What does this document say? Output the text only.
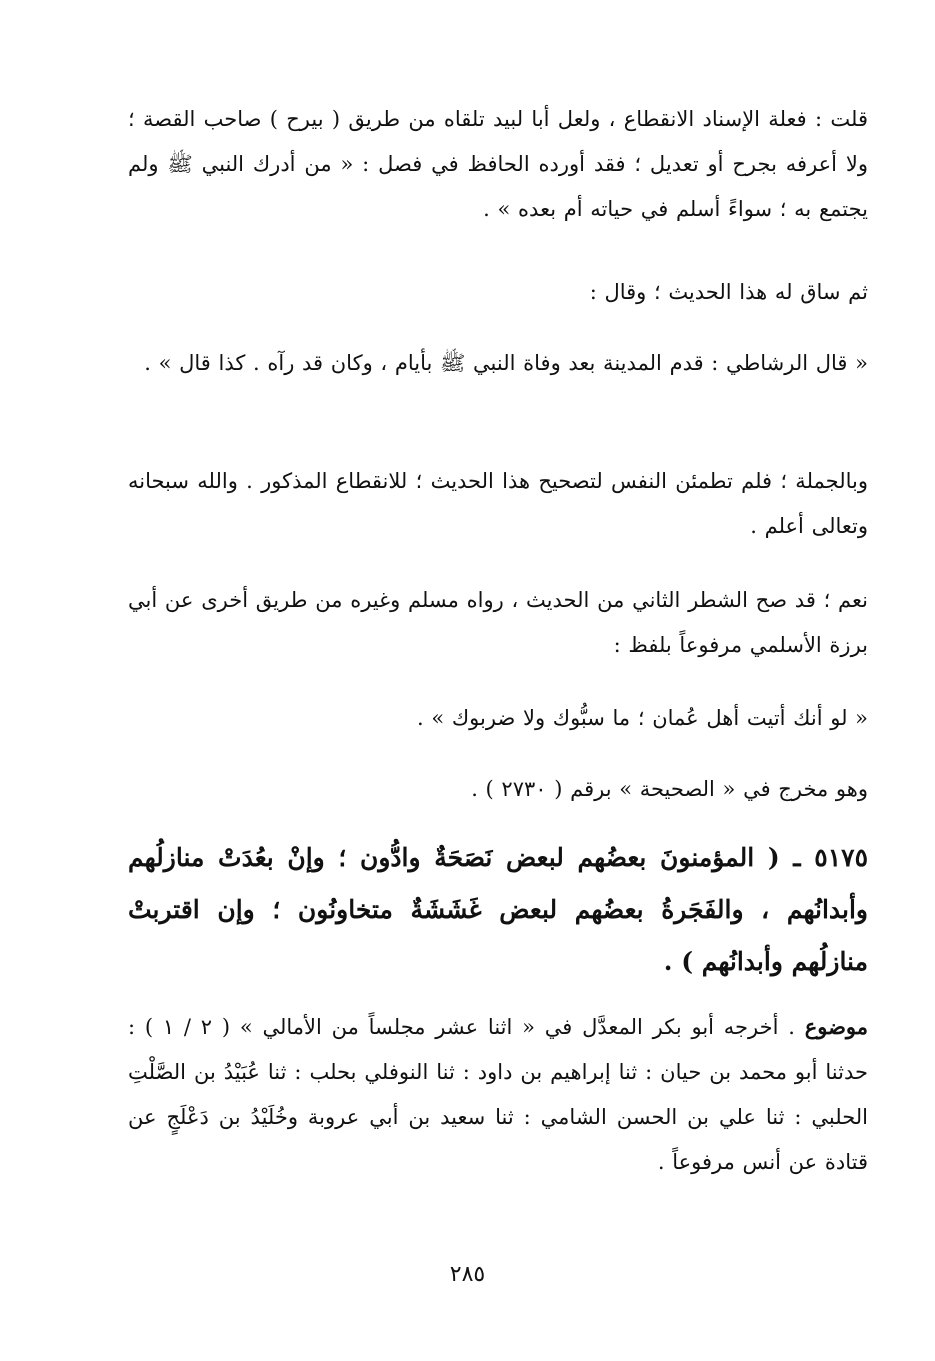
قلت : فعلة الإسناد الانقطاع ، ولعل أبا لبيد تلقاه من طريق ( بيرح ) صاحب القصة ؛ ولا أعرفه بجرح أو تعديل ؛ فقد أورده الحافظ في فصل : « من أدرك النبي ﷺ ولم يجتمع به ؛ سواءً أسلم في حياته أم بعده » .

ثم ساق له هذا الحديث ؛ وقال :

« قال الرشاطي : قدم المدينة بعد وفاة النبي ﷺ بأيام ، وكان قد رآه . كذا قال » .

وبالجملة ؛ فلم تطمئن النفس لتصحيح هذا الحديث ؛ للانقطاع المذكور . والله سبحانه وتعالى أعلم .

نعم ؛ قد صح الشطر الثاني من الحديث ، رواه مسلم وغيره من طريق أخرى عن أبي برزة الأسلمي مرفوعاً بلفظ :

« لو أنك أتيت أهل عُمان ؛ ما سبُّوك ولا ضربوك » .

وهو مخرج في « الصحيحة » برقم ( ٢٧٣٠ ) .

٥١٧٥ ـ ( المؤمنونَ بعضُهم لبعض نَصَحَةٌ وادُّون ؛ وإنْ بعُدَتْ منازلُهم وأبدانُهم ، والفَجَرةُ بعضُهم لبعض غَشَشَةٌ متخاونُون ؛ وإن اقتربتْ منازلُهم وأبدانُهم ) .

موضوع . أخرجه أبو بكر المعدَّل في « اثنا عشر مجلساً من الأمالي » ( ٢ / ١ ) : حدثنا أبو محمد بن حيان : ثنا إبراهيم بن داود : ثنا النوفلي بحلب : ثنا عُبَيْدُ بن الصَّلْتِ الحلبي : ثنا علي بن الحسن الشامي : ثنا سعيد بن أبي عروبة وخُلَيْدُ بن دَعْلَجٍ عن قتادة عن أنس مرفوعاً .

٢٨٥
